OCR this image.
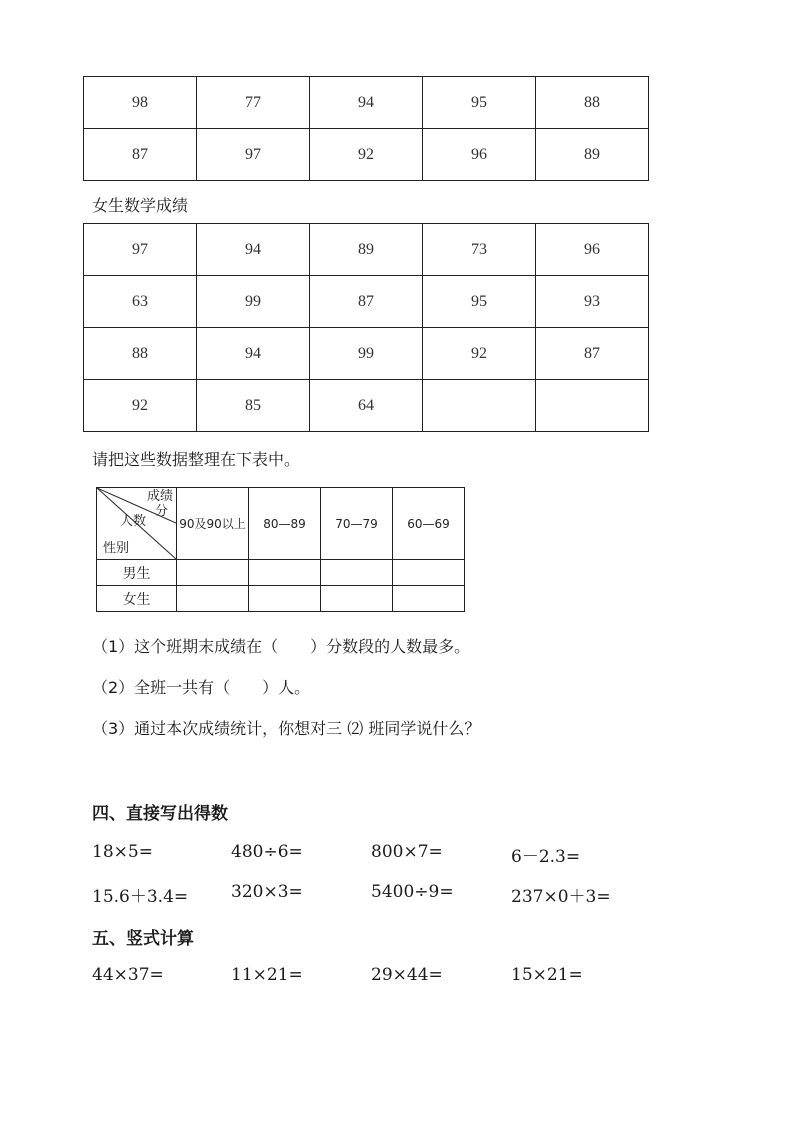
98	77	94	95	88
87	97	92	96	89
女生数学成绩
97	94	89	73	96
63	99	87	95	93
88	94	99	92	87
92	85	64		
请把这些数据整理在下表中。
成绩
分
人数
性别	90及90以上	80—89	70—79	60—69
男生				
女生				
（1）这个班期末成绩在（　　）分数段的人数最多。
（2）全班一共有（　　）人。
（3）通过本次成绩统计，你想对三 ⑵ 班同学说什么？
四、直接写出得数
18×5=	480÷6=	800×7=	6－2.3=
15.6＋3.4=	320×3=	5400÷9=	237×0＋3=
五、竖式计算
44×37=	11×21=	29×44=	15×21=
